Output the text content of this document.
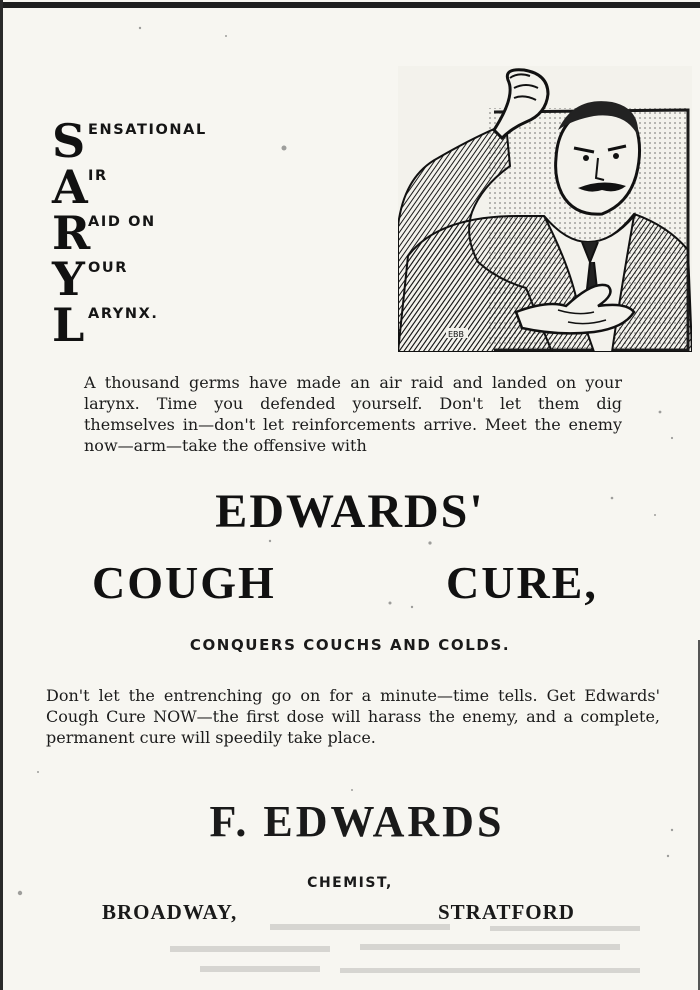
S ENSATIONAL
A IR
R
AID ON
Y OUR
L ARYNX.
EBB
A thousand germs have made an air raid and landed on your larynx. Time you defended yourself. Don't let them dig themselves in—don't let reinforcements arrive. Meet the enemy now—arm—take the offensive with
EDWARDS'
COUGH	CURE,
CONQUERS COUCHS AND COLDS.
Don't let the entrenching go on for a minute—time tells. Get Edwards' Cough Cure NOW—the first dose will harass the enemy, and a complete, permanent cure will speedily take place.
F. EDWARDS
CHEMIST,
BROADWAY,	STRATFORD
